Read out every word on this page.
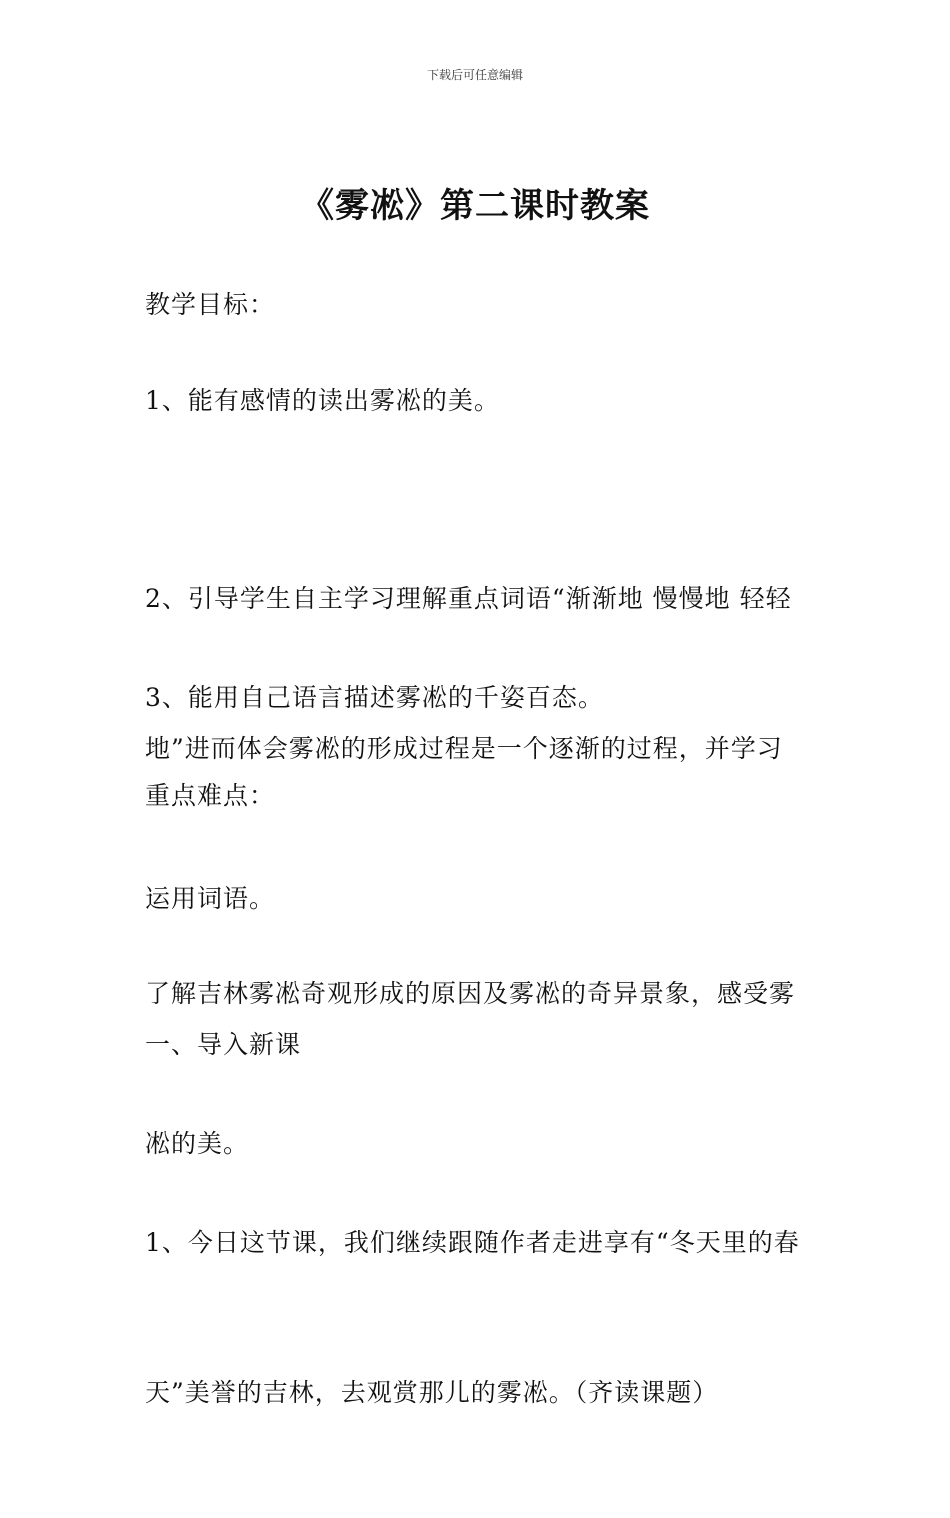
下载后可任意编辑
《雾凇》第二课时教案
教学目标：
1、能有感情的读出雾凇的美。

2、引导学生自主学习理解重点词语“渐渐地 慢慢地 轻轻

地”进而体会雾凇的形成过程是一个逐渐的过程，并学习

运用词语。

3、能用自己语言描述雾凇的千姿百态。
重点难点：

了解吉林雾凇奇观形成的原因及雾凇的奇异景象，感受雾

凇的美。

一、导入新课

1、今日这节课，我们继续跟随作者走进享有“冬天里的春

天”美誉的吉林，去观赏那儿的雾凇。（齐读课题）
